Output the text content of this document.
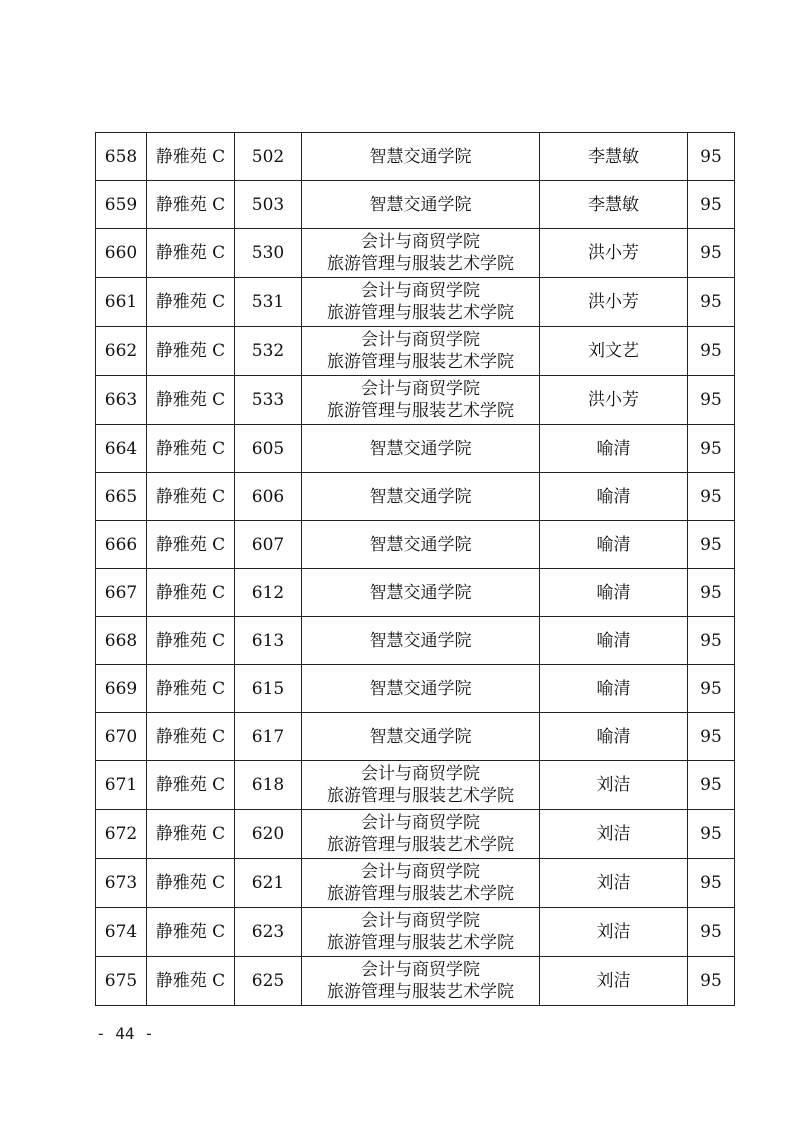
658	静雅苑 C	502	智慧交通学院	李慧敏	95
659	静雅苑 C	503	智慧交通学院	李慧敏	95
660	静雅苑 C	530	会计与商贸学院
旅游管理与服装艺术学院	洪小芳	95
661	静雅苑 C	531	会计与商贸学院
旅游管理与服装艺术学院	洪小芳	95
662	静雅苑 C	532	会计与商贸学院
旅游管理与服装艺术学院	刘文艺	95
663	静雅苑 C	533	会计与商贸学院
旅游管理与服装艺术学院	洪小芳	95
664	静雅苑 C	605	智慧交通学院	喻清	95
665	静雅苑 C	606	智慧交通学院	喻清	95
666	静雅苑 C	607	智慧交通学院	喻清	95
667	静雅苑 C	612	智慧交通学院	喻清	95
668	静雅苑 C	613	智慧交通学院	喻清	95
669	静雅苑 C	615	智慧交通学院	喻清	95
670	静雅苑 C	617	智慧交通学院	喻清	95
671	静雅苑 C	618	会计与商贸学院
旅游管理与服装艺术学院	刘洁	95
672	静雅苑 C	620	会计与商贸学院
旅游管理与服装艺术学院	刘洁	95
673	静雅苑 C	621	会计与商贸学院
旅游管理与服装艺术学院	刘洁	95
674	静雅苑 C	623	会计与商贸学院
旅游管理与服装艺术学院	刘洁	95
675	静雅苑 C	625	会计与商贸学院
旅游管理与服装艺术学院	刘洁	95
- 44 -
